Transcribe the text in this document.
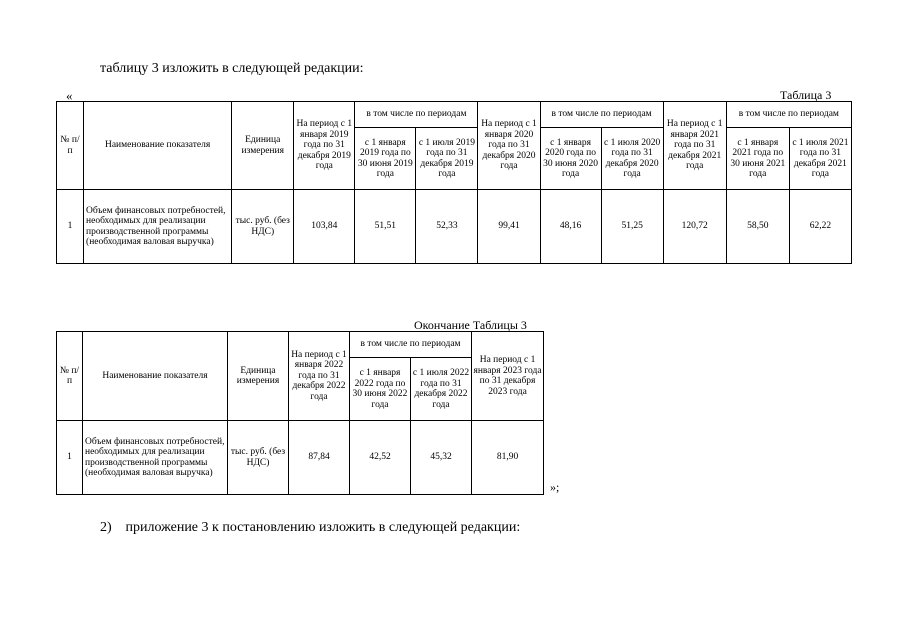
таблицу 3 изложить в следующей редакции:
«	Таблица 3
№ п/п	Наименование показателя	Единица измерения	На период с 1 января 2019 года по 31 декабря 2019 года	в том числе по периодам		На период с 1 января 2020 года по 31 декабря 2020 года	в том числе по периодам		На период с 1 января 2021 года по 31 декабря 2021 года	в том числе по периодам	
				с 1 января 2019 года по 30 июня 2019 года	с 1 июля 2019 года по 31 декабря 2019 года		с 1 января 2020 года по 30 июня 2020 года	с 1 июля 2020 года по 31 декабря 2020 года		с 1 января 2021 года по 30 июня 2021 года	с 1 июля 2021 года по 31 декабря 2021 года
1	Объем финансовых потребностей, необходимых для реализации производственной программы (необходимая валовая выручка)	тыс. руб. (без НДС)	103,84	51,51	52,33	99,41	48,16	51,25	120,72	58,50	62,22
Окончание Таблицы 3
№ п/п	Наименование показателя	Единица измерения	На период с 1 января 2022 года по 31 декабря 2022 года	в том числе по периодам		На период с 1 января 2023 года по 31 декабря 2023 года
				с 1 января 2022 года по 30 июня 2022 года	с 1 июля 2022 года по 31 декабря 2022 года	
1	Объем финансовых потребностей, необходимых для реализации производственной программы (необходимая валовая выручка)	тыс. руб. (без НДС)	87,84	42,52	45,32	81,90
»;
2) приложение 3 к постановлению изложить в следующей редакции:
